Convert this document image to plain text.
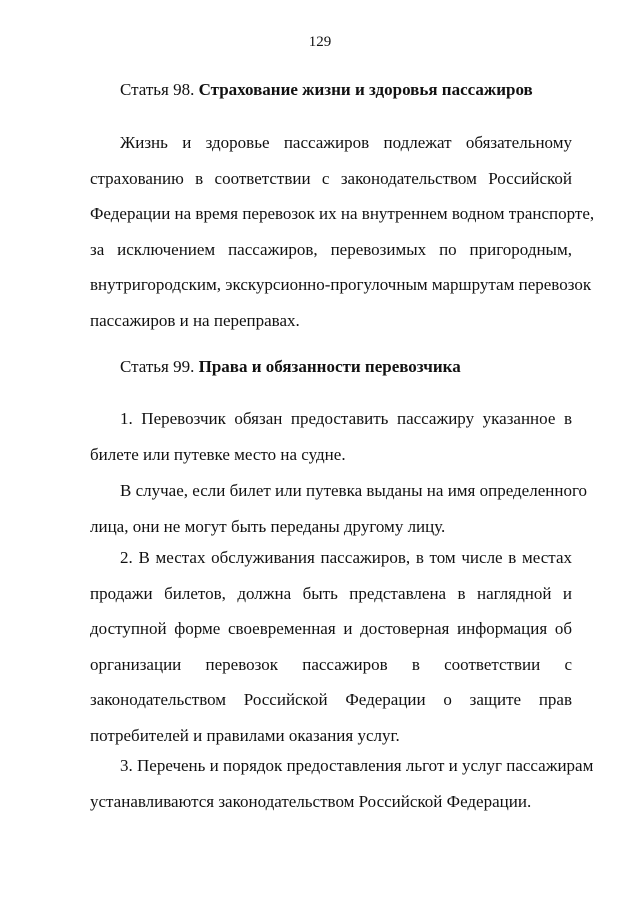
129
Статья 98. Страхование жизни и здоровья пассажиров
Жизнь и здоровье пассажиров подлежат обязательному
страхованию в соответствии с законодательством Российской
Федерации на время перевозок их на внутреннем водном транспорте,
за исключением пассажиров, перевозимых по пригородным,
внутригородским, экскурсионно-прогулочным маршрутам перевозок
пассажиров и на переправах.
Статья 99. Права и обязанности перевозчика
1. Перевозчик обязан предоставить пассажиру указанное в
билете или путевке место на судне.
В случае, если билет или путевка выданы на имя определенного
лица, они не могут быть переданы другому лицу.
2. В местах обслуживания пассажиров, в том числе в местах
продажи билетов, должна быть представлена в наглядной и
доступной форме своевременная и достоверная информация об
организации перевозок пассажиров в соответствии с
законодательством Российской Федерации о защите прав
потребителей и правилами оказания услуг.
3. Перечень и порядок предоставления льгот и услуг пассажирам
устанавливаются законодательством Российской Федерации.
